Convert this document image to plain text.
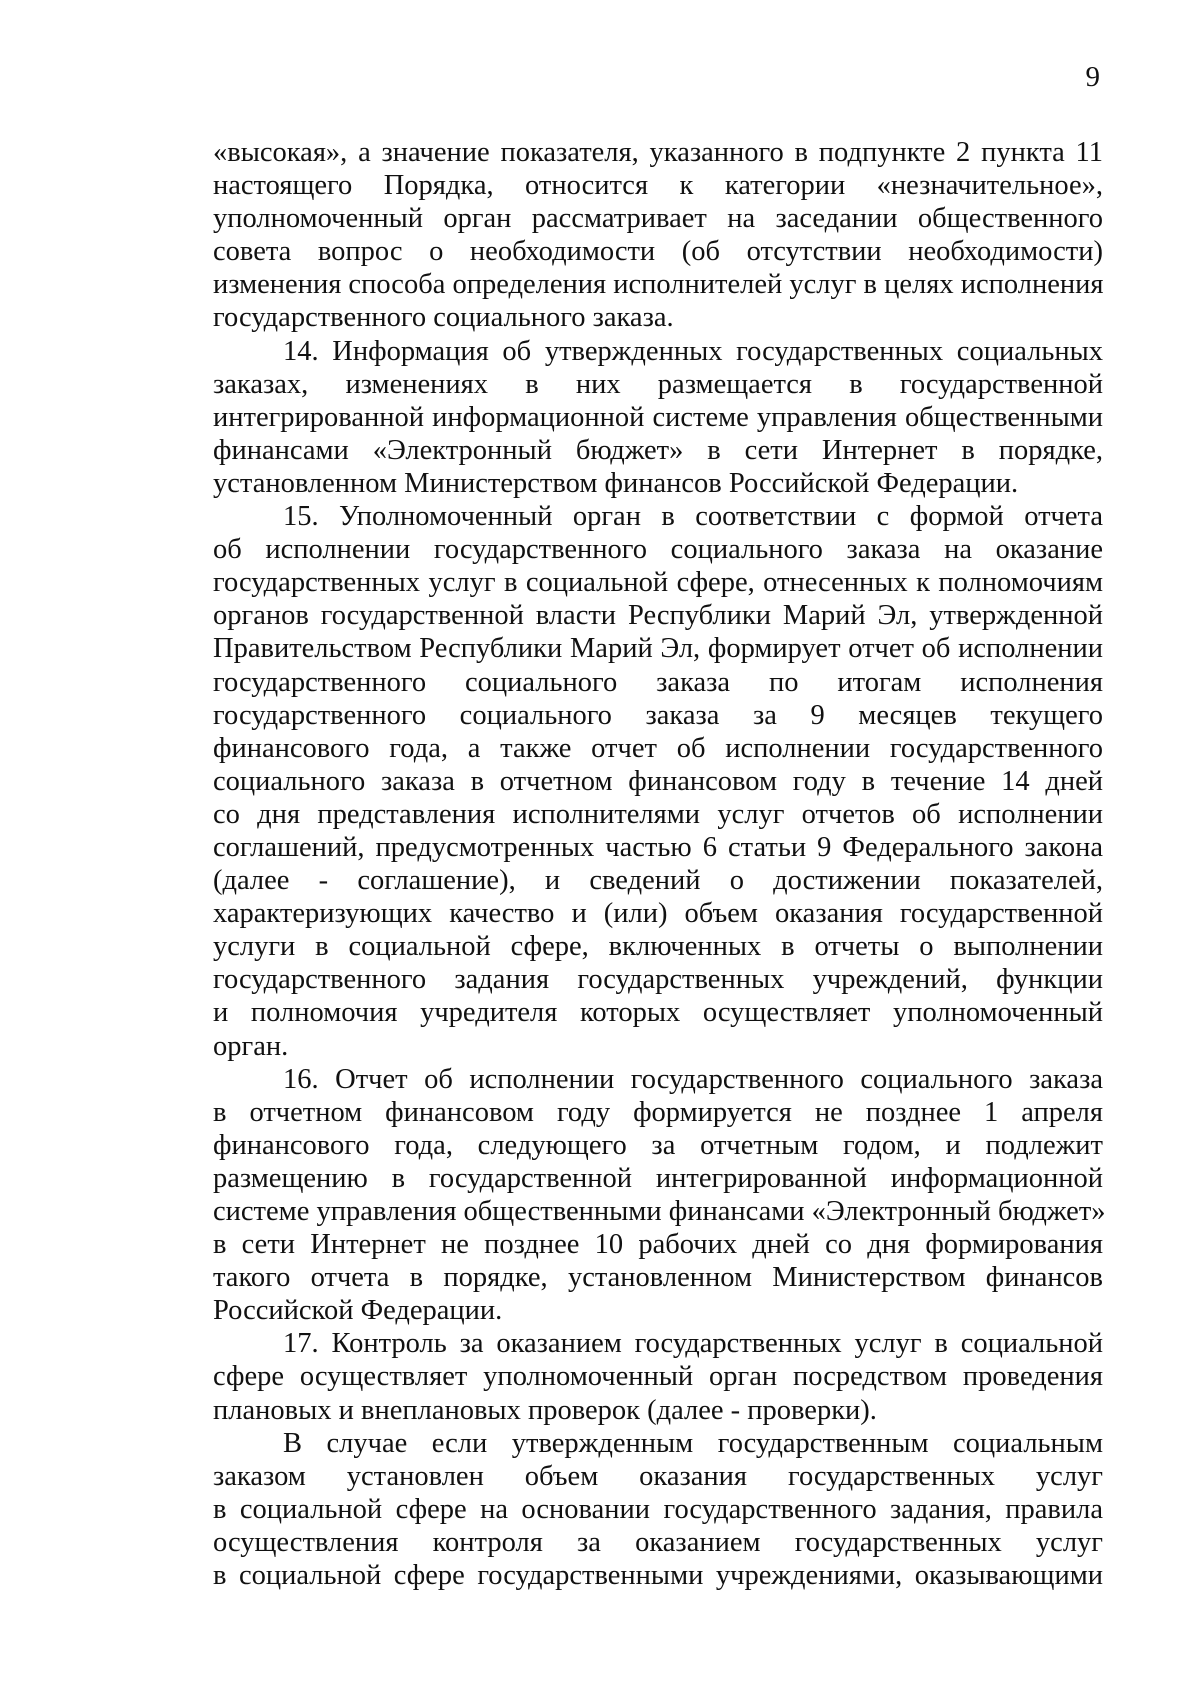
9
«высокая», а значение показателя, указанного в подпункте 2 пункта 11
настоящего Порядка, относится к категории «незначительное»,
уполномоченный орган рассматривает на заседании общественного
совета вопрос о необходимости (об отсутствии необходимости)
изменения способа определения исполнителей услуг в целях исполнения
государственного социального заказа.
14. Информация об утвержденных государственных социальных
заказах, изменениях в них размещается в государственной
интегрированной информационной системе управления общественными
финансами «Электронный бюджет» в сети Интернет в порядке,
установленном Министерством финансов Российской Федерации.
15. Уполномоченный орган в соответствии с формой отчета
об исполнении государственного социального заказа на оказание
государственных услуг в социальной сфере, отнесенных к полномочиям
органов государственной власти Республики Марий Эл, утвержденной
Правительством Республики Марий Эл, формирует отчет об исполнении
государственного социального заказа по итогам исполнения
государственного социального заказа за 9 месяцев текущего
финансового года, а также отчет об исполнении государственного
социального заказа в отчетном финансовом году в течение 14 дней
со дня представления исполнителями услуг отчетов об исполнении
соглашений, предусмотренных частью 6 статьи 9 Федерального закона
(далее - соглашение), и сведений о достижении показателей,
характеризующих качество и (или) объем оказания государственной
услуги в социальной сфере, включенных в отчеты о выполнении
государственного задания государственных учреждений, функции
и полномочия учредителя которых осуществляет уполномоченный
орган.
16. Отчет об исполнении государственного социального заказа
в отчетном финансовом году формируется не позднее 1 апреля
финансового года, следующего за отчетным годом, и подлежит
размещению в государственной интегрированной информационной
системе управления общественными финансами «Электронный бюджет»
в сети Интернет не позднее 10 рабочих дней со дня формирования
такого отчета в порядке, установленном Министерством финансов
Российской Федерации.
17. Контроль за оказанием государственных услуг в социальной
сфере осуществляет уполномоченный орган посредством проведения
плановых и внеплановых проверок (далее - проверки).
В случае если утвержденным государственным социальным
заказом установлен объем оказания государственных услуг
в социальной сфере на основании государственного задания, правила
осуществления контроля за оказанием государственных услуг
в социальной сфере государственными учреждениями, оказывающими
